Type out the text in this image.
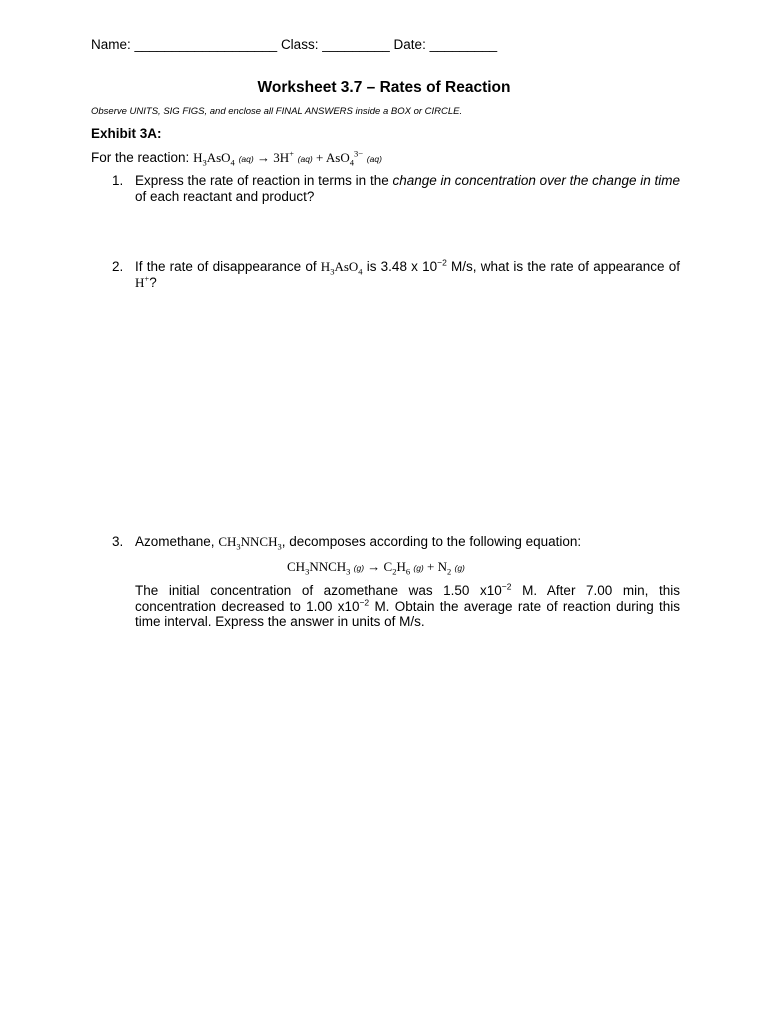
Name: ___________________ Class: _________ Date: _________
Worksheet 3.7 – Rates of Reaction
Observe UNITS, SIG FIGS, and enclose all FINAL ANSWERS inside a BOX or CIRCLE.
Exhibit 3A:
For the reaction: $H_3AsO_4$ (aq) → 3H+ (aq) + AsO$_4^{3-}$ (aq)
1. Express the rate of reaction in terms in the change in concentration over the change in time of each reactant and product?
2. If the rate of disappearance of $H_3AsO_4$ is 3.48 x $10^{-2}$ M/s, what is the rate of appearance of H+?
3. Azomethane, $CH_3NNCH_3$, decomposes according to the following equation:
$CH_3NNCH_3$ $(g) \to C_2H_6$ $(g) + N_2$ (g)
The initial concentration of azomethane was 1.50 $x10^{-2}$ M. After 7.00 min, this concentration decreased to 1.00 $x10^{-2}$ M. Obtain the average rate of reaction during this time interval. Express the answer in units of M/s.
